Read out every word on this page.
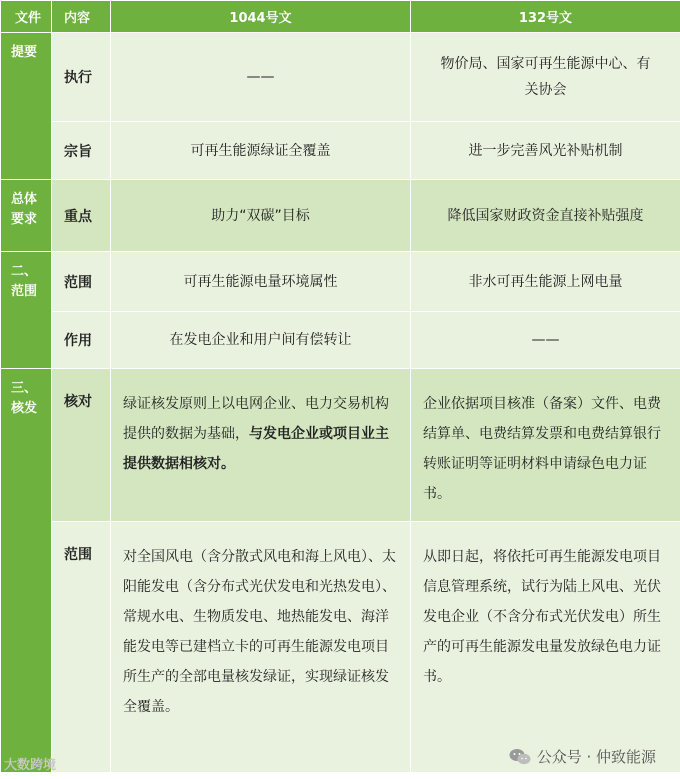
文件	内容	1044号文	132号文
提要	执行	——	物价局、国家可再生能源中心、有关协会
	宗旨	可再生能源绿证全覆盖	进一步完善风光补贴机制
总体要求	重点	助力“双碳”目标	降低国家财政资金直接补贴强度
二、范围	范围	可再生能源电量环境属性	非水可再生能源上网电量
	作用	在发电企业和用户间有偿转让	——
三、核发	核对	绿证核发原则上以电网企业、电力交易机构提供的数据为基础，与发电企业或项目业主提供数据相核对。	企业依据项目核准（备案）文件、电费结算单、电费结算发票和电费结算银行转账证明等证明材料申请绿色电力证书。
	范围	对全国风电（含分散式风电和海上风电）、太阳能发电（含分布式光伏发电和光热发电）、常规水电、生物质发电、地热能发电、海洋能发电等已建档立卡的可再生能源发电项目所生产的全部电量核发绿证，实现绿证核发全覆盖。	从即日起，将依托可再生能源发电项目信息管理系统，试行为陆上风电、光伏发电企业（不含分布式光伏发电）所生产的可再生能源发电量发放绿色电力证书。
大数跨境	公众号 · 仲致能源
